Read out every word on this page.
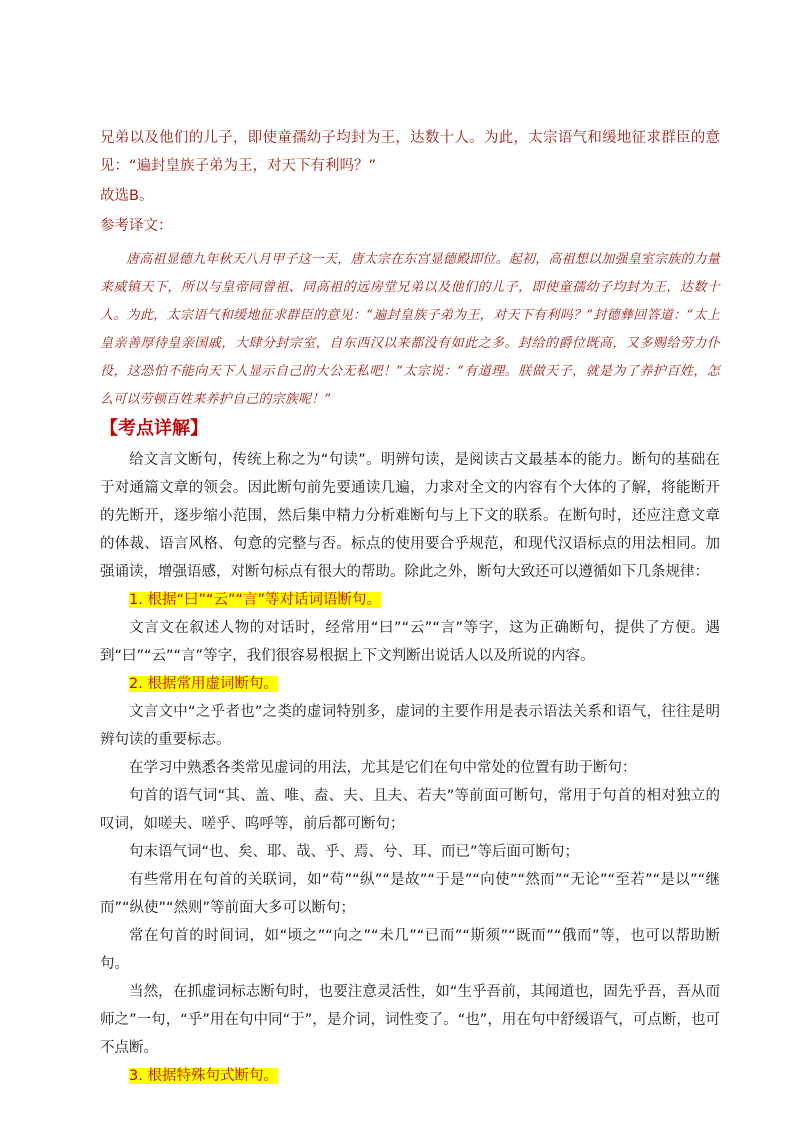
兄弟以及他们的儿子，即使童孺幼子均封为王，达数十人。为此，太宗语气和缓地征求群臣的意见：“遍封皇族子弟为王，对天下有利吗？”

故选B。

参考译文：

唐高祖显德九年秋天八月甲子这一天，唐太宗在东宫显德殿即位。起初，高祖想以加强皇室宗族的力量来威镇天下，所以与皇帝同曾祖、同高祖的远房堂兄弟以及他们的儿子，即使童孺幼子均封为王，达数十人。为此，太宗语气和缓地征求群臣的意见：“遍封皇族子弟为王，对天下有利吗？”封德彝回答道：“太上皇亲善厚待皇亲国戚，大肆分封宗室，自东西汉以来都没有如此之多。封给的爵位既高，又多赐给劳力仆役，这恐怕不能向天下人显示自己的大公无私吧！”太宗说：“有道理。朕做天子，就是为了养护百姓，怎么可以劳顿百姓来养护自己的宗族呢！”

【考点详解】

给文言文断句，传统上称之为“句读”。明辨句读，是阅读古文最基本的能力。断句的基础在于对通篇文章的领会。因此断句前先要通读几遍，力求对全文的内容有个大体的了解，将能断开的先断开，逐步缩小范围，然后集中精力分析难断句与上下文的联系。在断句时，还应注意文章的体裁、语言风格、句意的完整与否。标点的使用要合乎规范，和现代汉语标点的用法相同。加强诵读，增强语感，对断句标点有很大的帮助。除此之外，断句大致还可以遵循如下几条规律：

1. 根据“曰”“云”“言”等对话词语断句。

文言文在叙述人物的对话时，经常用“曰”“云”“言”等字，这为正确断句，提供了方便。遇到“曰”“云”“言”等字，我们很容易根据上下文判断出说话人以及所说的内容。

2. 根据常用虚词断句。

文言文中“之乎者也”之类的虚词特别多，虚词的主要作用是表示语法关系和语气，往往是明辨句读的重要标志。

在学习中熟悉各类常见虚词的用法，尤其是它们在句中常处的位置有助于断句：

句首的语气词“其、盖、唯、盍、夫、且夫、若夫”等前面可断句，常用于句首的相对独立的叹词，如嗟夫、嗟乎、呜呼等，前后都可断句；

句末语气词“也、矣、耶、哉、乎、焉、兮、耳、而已”等后面可断句；

有些常用在句首的关联词，如“苟”“纵”“是故”“于是”“向使”“然而”“无论”“至若”“是以”“继而”“纵使”“然则”等前面大多可以断句；

常在句首的时间词，如“顷之”“向之”“未几”“已而”“斯须”“既而”“俄而”等，也可以帮助断句。

当然，在抓虚词标志断句时，也要注意灵活性，如“生乎吾前，其闻道也，固先乎吾，吾从而师之”一句，“乎”用在句中同“于”，是介词，词性变了。“也”，用在句中舒缓语气，可点断，也可不点断。

3. 根据特殊句式断句。
